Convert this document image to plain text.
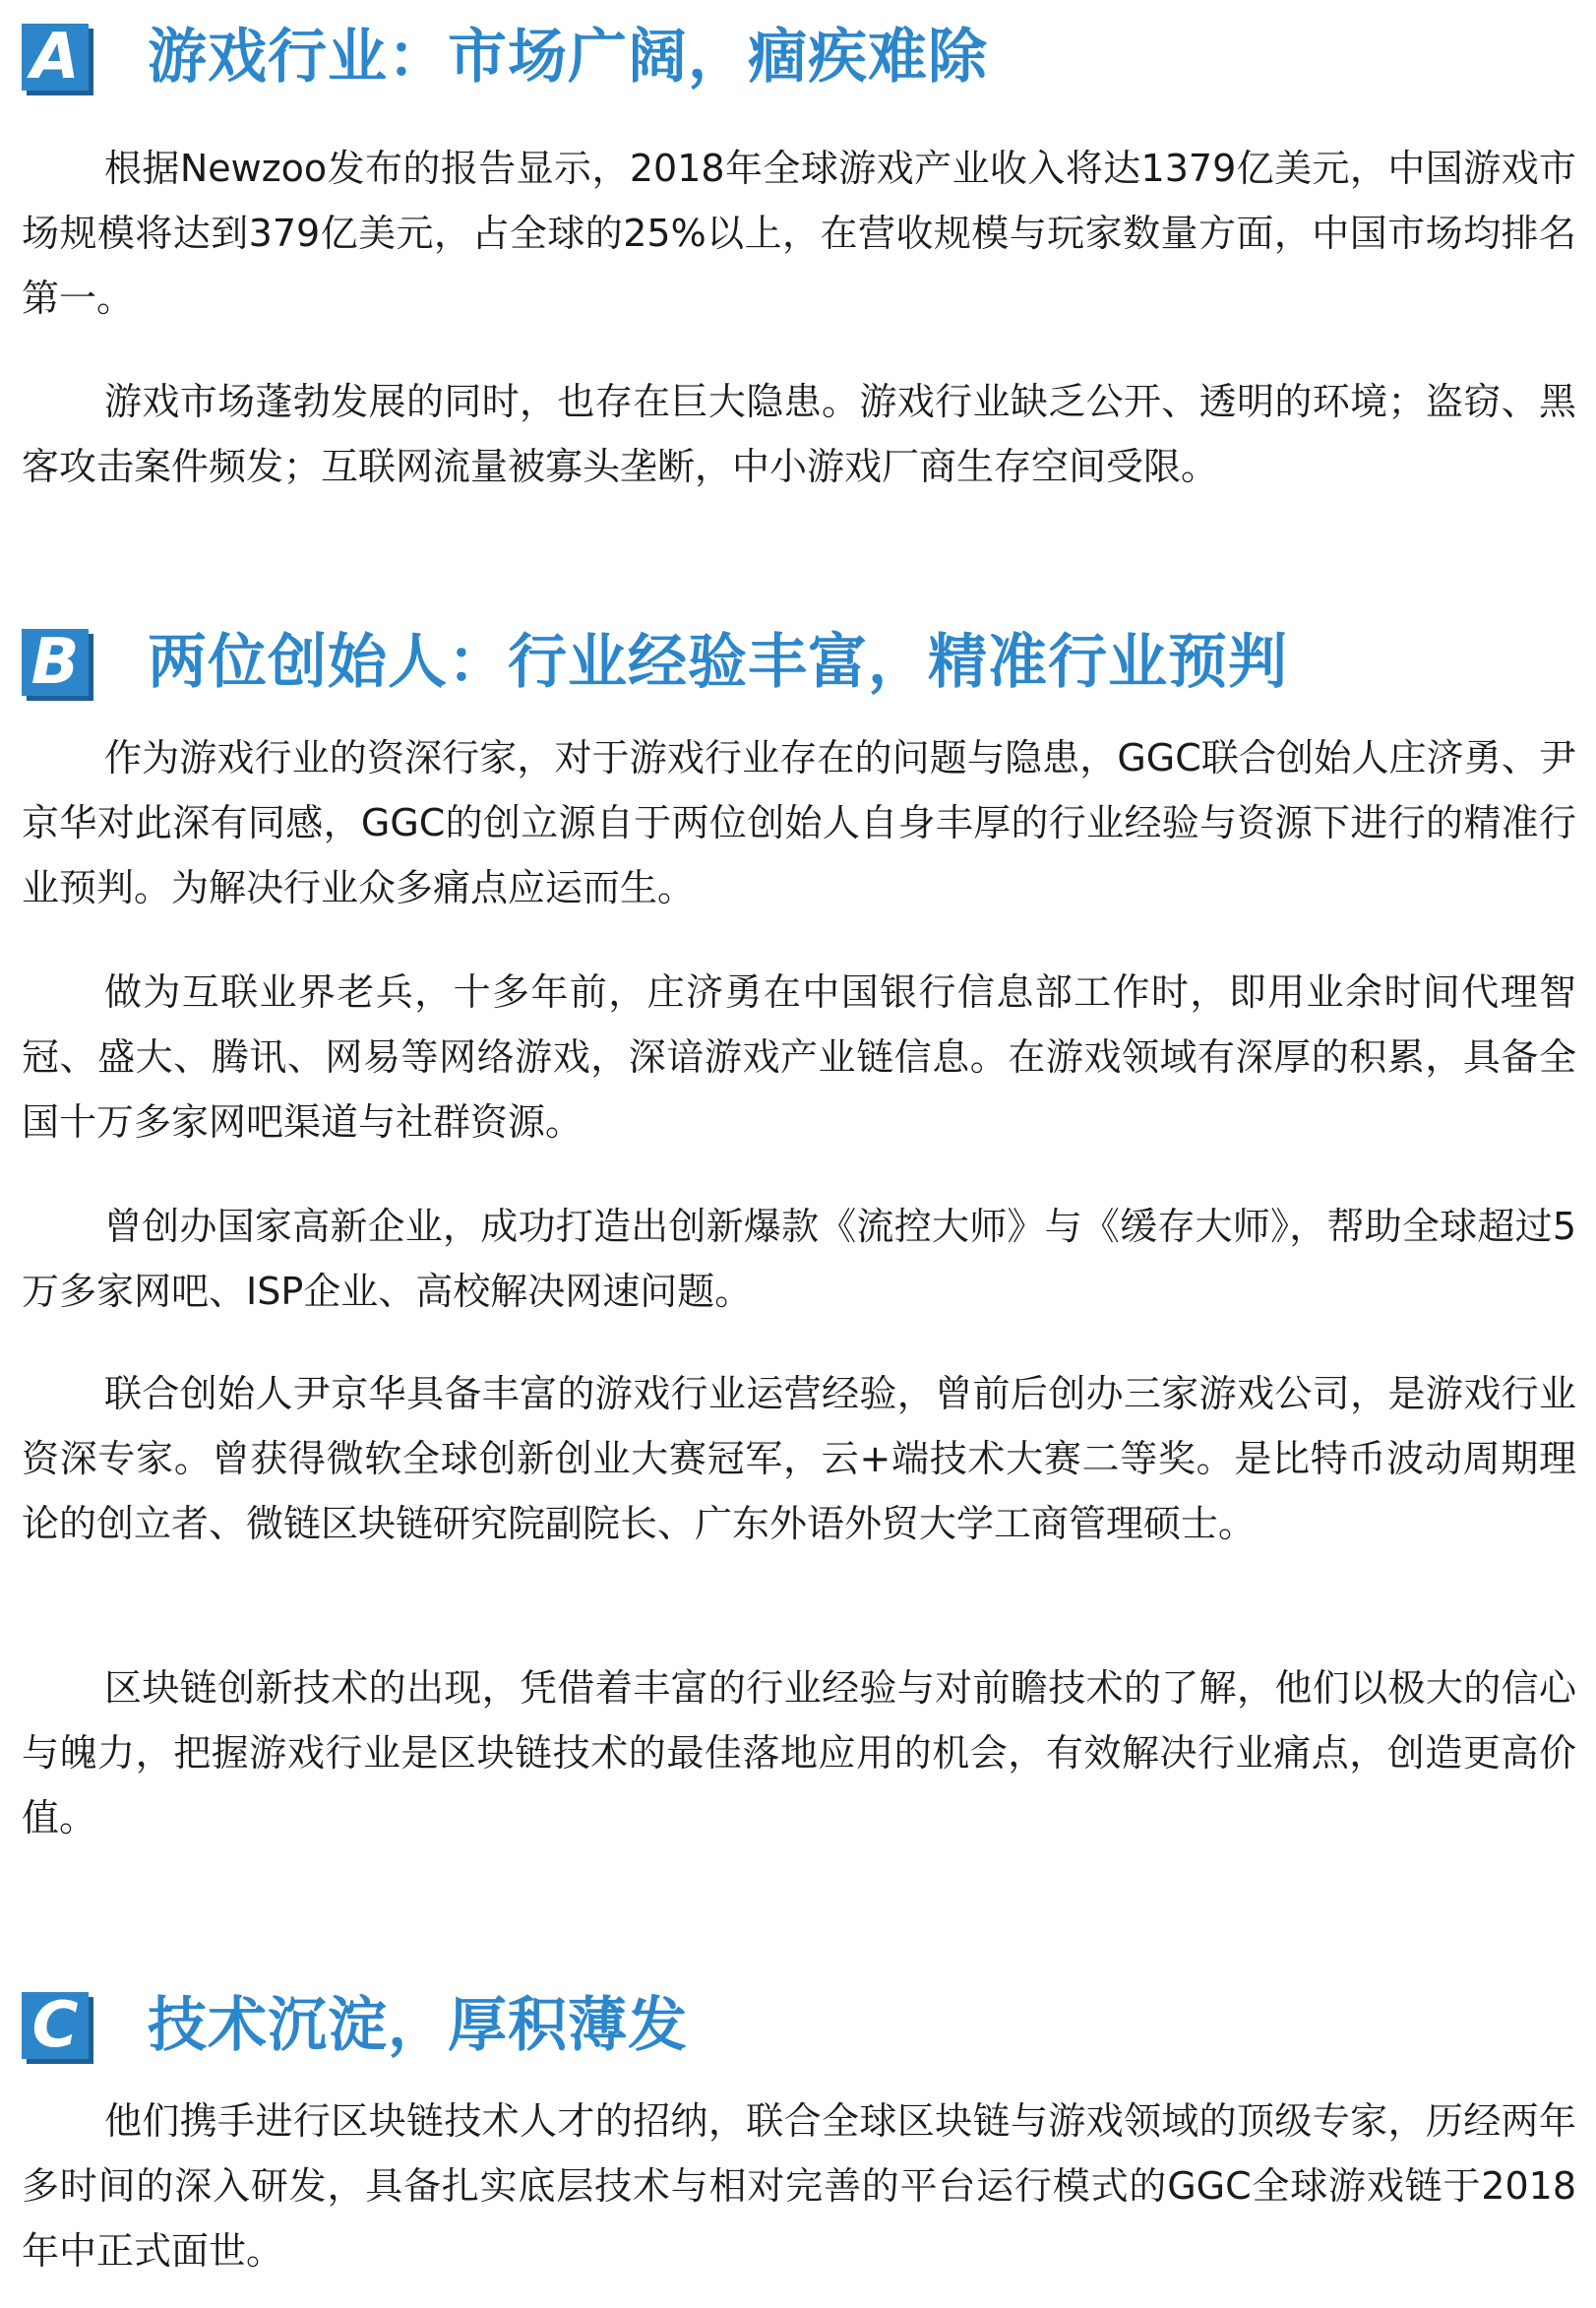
A 游戏行业：市场广阔，痼疾难除

根据Newzoo发布的报告显示，2018年全球游戏产业收入将达1379亿美元，中国游戏市场规模将达到379亿美元，占全球的25%以上，在营收规模与玩家数量方面，中国市场均排名第一。

游戏市场蓬勃发展的同时，也存在巨大隐患。游戏行业缺乏公开、透明的环境；盗窃、黑客攻击案件频发；互联网流量被寡头垄断，中小游戏厂商生存空间受限。

B 两位创始人：行业经验丰富，精准行业预判

作为游戏行业的资深行家，对于游戏行业存在的问题与隐患，GGC联合创始人庄济勇、尹京华对此深有同感，GGC的创立源自于两位创始人自身丰厚的行业经验与资源下进行的精准行业预判。为解决行业众多痛点应运而生。

做为互联业界老兵，十多年前，庄济勇在中国银行信息部工作时，即用业余时间代理智冠、盛大、腾讯、网易等网络游戏，深谙游戏产业链信息。在游戏领域有深厚的积累，具备全国十万多家网吧渠道与社群资源。

曾创办国家高新企业，成功打造出创新爆款《流控大师》与《缓存大师》，帮助全球超过5万多家网吧、ISP企业、高校解决网速问题。

联合创始人尹京华具备丰富的游戏行业运营经验，曾前后创办三家游戏公司，是游戏行业资深专家。曾获得微软全球创新创业大赛冠军，云+端技术大赛二等奖。是比特币波动周期理论的创立者、微链区块链研究院副院长、广东外语外贸大学工商管理硕士。

区块链创新技术的出现，凭借着丰富的行业经验与对前瞻技术的了解，他们以极大的信心与魄力，把握游戏行业是区块链技术的最佳落地应用的机会，有效解决行业痛点，创造更高价值。

C 技术沉淀，厚积薄发

他们携手进行区块链技术人才的招纳，联合全球区块链与游戏领域的顶级专家，历经两年多时间的深入研发，具备扎实底层技术与相对完善的平台运行模式的GGC全球游戏链于2018年中正式面世。
